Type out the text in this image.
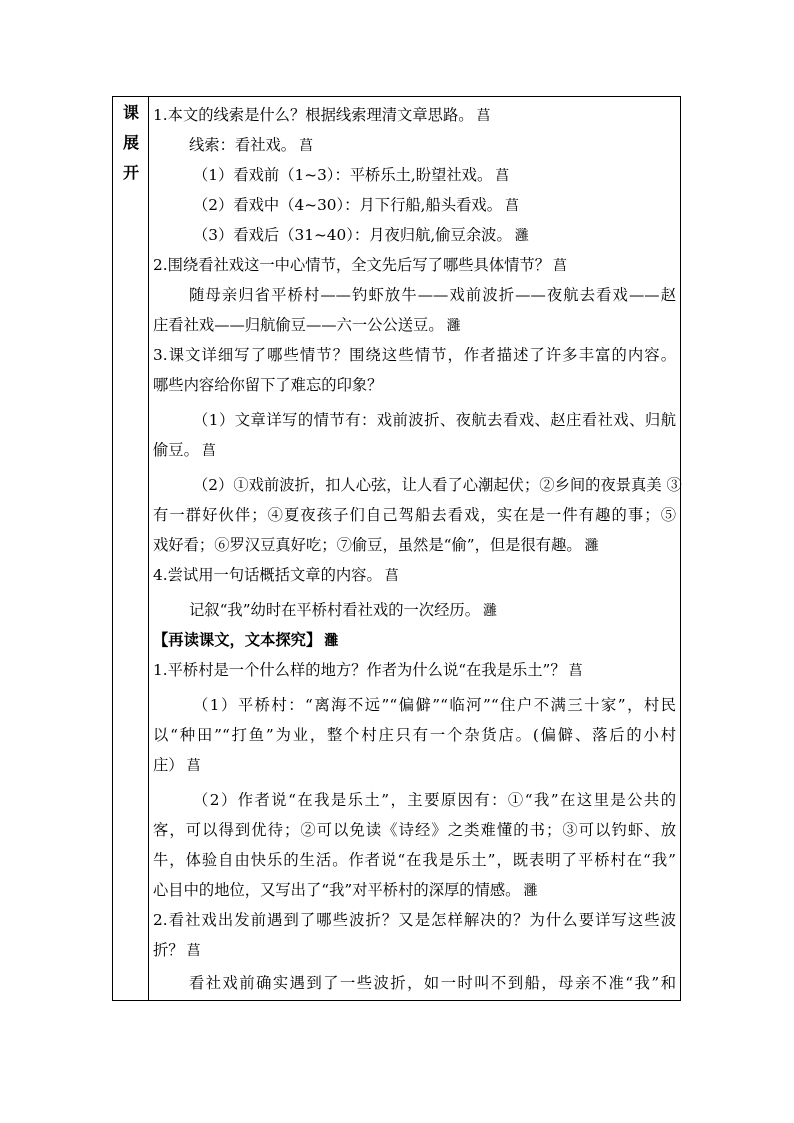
课
展
开
1.本文的线索是什么？根据线索理清文章思路。 菖
线索：看社戏。 菖
（1）看戏前（1~3）：平桥乐土,盼望社戏。 菖
（2）看戏中（4~30）：月下行船,船头看戏。 菖
（3）看戏后（31~40）：月夜归航,偷豆余波。 灉
2.围绕看社戏这一中心情节，全文先后写了哪些具体情节？ 菖
随母亲归省平桥村——钓虾放牛——戏前波折——夜航去看戏——赵
庄看社戏——归航偷豆——六一公公送豆。 灉
3.课文详细写了哪些情节？围绕这些情节，作者描述了许多丰富的内容。
哪些内容给你留下了难忘的印象？
（1）文章详写的情节有：戏前波折、夜航去看戏、赵庄看社戏、归航
偷豆。 菖
（2）①戏前波折，扣人心弦，让人看了心潮起伏；②乡间的夜景真美 ③
有一群好伙伴；④夏夜孩子们自己驾船去看戏，实在是一件有趣的事；⑤
戏好看；⑥罗汉豆真好吃；⑦偷豆，虽然是“偷”，但是很有趣。 灉
4.尝试用一句话概括文章的内容。 菖
记叙“我”幼时在平桥村看社戏的一次经历。 灉
【再读课文，文本探究】 灉
1.平桥村是一个什么样的地方？作者为什么说“在我是乐土”？ 菖
（1）平桥村：“离海不远”“偏僻”“临河”“住户不满三十家”，村民
以“种田”“打鱼”为业，整个村庄只有一个杂货店。(偏僻、落后的小村
庄） 菖
（2）作者说“在我是乐土”，主要原因有：①“我”在这里是公共的
客，可以得到优待；②可以免读《诗经》之类难懂的书；③可以钓虾、放
牛，体验自由快乐的生活。作者说“在我是乐土”，既表明了平桥村在“我”
心目中的地位，又写出了“我”对平桥村的深厚的情感。 灉
2.看社戏出发前遇到了哪些波折？又是怎样解决的？为什么要详写这些波
折？ 菖
看社戏前确实遇到了一些波折，如一时叫不到船，母亲不准“我”和
